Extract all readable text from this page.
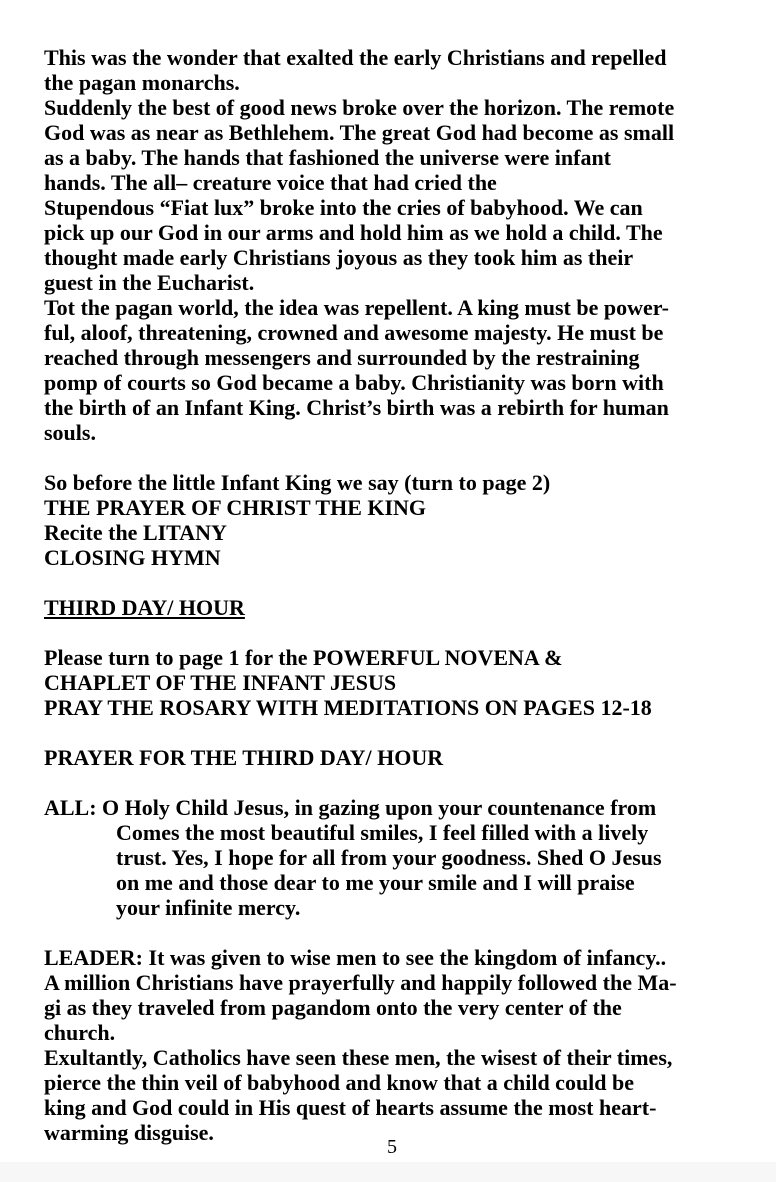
This was the wonder that exalted the early Christians and repelled
the pagan monarchs.
Suddenly the best of good news broke over the horizon. The remote
God was as near as Bethlehem. The great God had become as small
as a baby. The hands that fashioned the universe were infant
hands. The all– creature voice that had cried the
Stupendous “Fiat lux” broke into the cries of babyhood. We can
pick up our God in our arms and hold him as we hold a child. The
thought made early Christians joyous as they took him as their
guest in the Eucharist.
Tot the pagan world, the idea was repellent. A king must be power-
ful, aloof, threatening, crowned and awesome majesty. He must be
reached through messengers and surrounded by the restraining
pomp of courts so God became a baby. Christianity was born with
the birth of an Infant King. Christ’s birth was a rebirth for human
souls.
So before the little Infant King we say (turn to page 2)
THE PRAYER OF CHRIST THE KING
Recite the LITANY
CLOSING HYMN
THIRD DAY/ HOUR
Please turn to page 1 for the POWERFUL NOVENA &
CHAPLET OF THE INFANT JESUS
PRAY THE ROSARY WITH MEDITATIONS ON PAGES 12-18
PRAYER FOR THE THIRD DAY/ HOUR
ALL: O Holy Child Jesus, in gazing upon your countenance from
Comes the most beautiful smiles, I feel filled with a lively
trust. Yes, I hope for all from your goodness. Shed O Jesus
on me and those dear to me your smile and I will praise
your infinite mercy.
LEADER: It was given to wise men to see the kingdom of infancy..
A million Christians have prayerfully and happily followed the Ma-
gi as they traveled from pagandom onto the very center of the
church.
Exultantly, Catholics have seen these men, the wisest of their times,
pierce the thin veil of babyhood and know that a child could be
king and God could in His quest of hearts assume the most heart-
warming disguise.
5
